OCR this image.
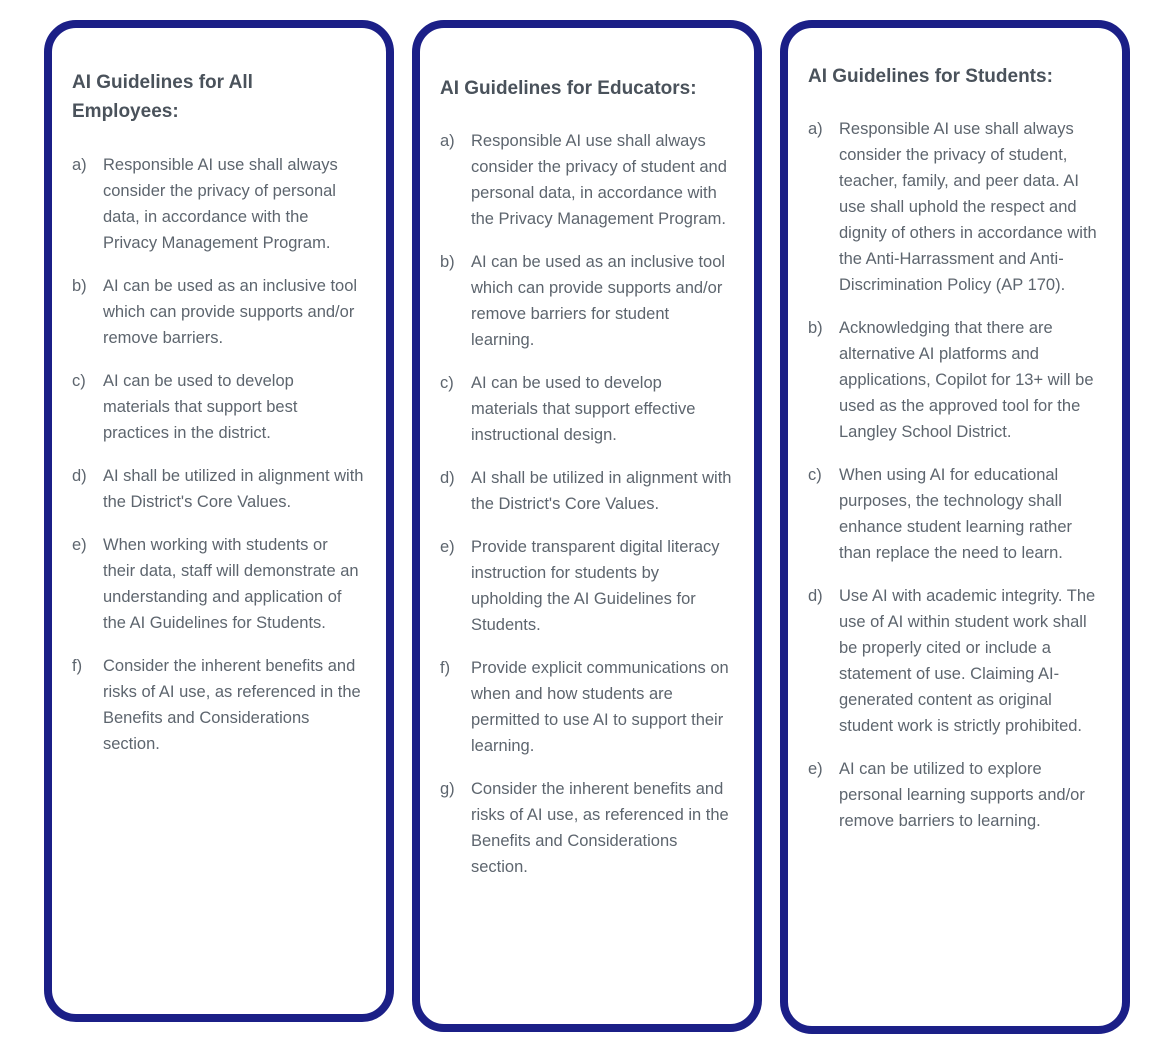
AI Guidelines for All Employees:
a) Responsible AI use shall always consider the privacy of personal data, in accordance with the Privacy Management Program.
b) AI can be used as an inclusive tool which can provide supports and/or remove barriers.
c)	AI can be used to develop materials that support best practices in the district.
d) AI shall be utilized in alignment with the District's Core Values.
e) When working with students or their data, staff will demonstrate an understanding and application of the AI Guidelines for Students.
f)	Consider the inherent benefits and risks of AI use, as referenced in the Benefits and Considerations section.
AI Guidelines for Educators:
a) Responsible AI use shall always consider the privacy of student and personal data, in accordance with the Privacy Management Program.
b) AI can be used as an inclusive tool which can provide supports and/or remove barriers for student learning.
c)	AI can be used to develop materials that support effective instructional design.
d) AI shall be utilized in alignment with the District's Core Values.
e) Provide transparent digital literacy instruction for students by upholding the AI Guidelines for Students.
f)	Provide explicit communications on when and how students are permitted to use AI to support their learning.
g) Consider the inherent benefits and risks of AI use, as referenced in the Benefits and Considerations section.
AI Guidelines for Students:
a) Responsible AI use shall always consider the privacy of student, teacher, family, and peer data. AI use shall uphold the respect and dignity of others in accordance with the Anti-Harrassment and Anti-Discrimination Policy (AP 170).
b) Acknowledging that there are alternative AI platforms and applications, Copilot for 13+ will be used as the approved tool for the Langley School District.
c)	When using AI for educational purposes, the technology shall enhance student learning rather than replace the need to learn.
d) Use AI with academic integrity. The use of AI within student work shall be properly cited or include a statement of use. Claiming AI-generated content as original student work is strictly prohibited.
e) AI can be utilized to explore personal learning supports and/or remove barriers to learning.
